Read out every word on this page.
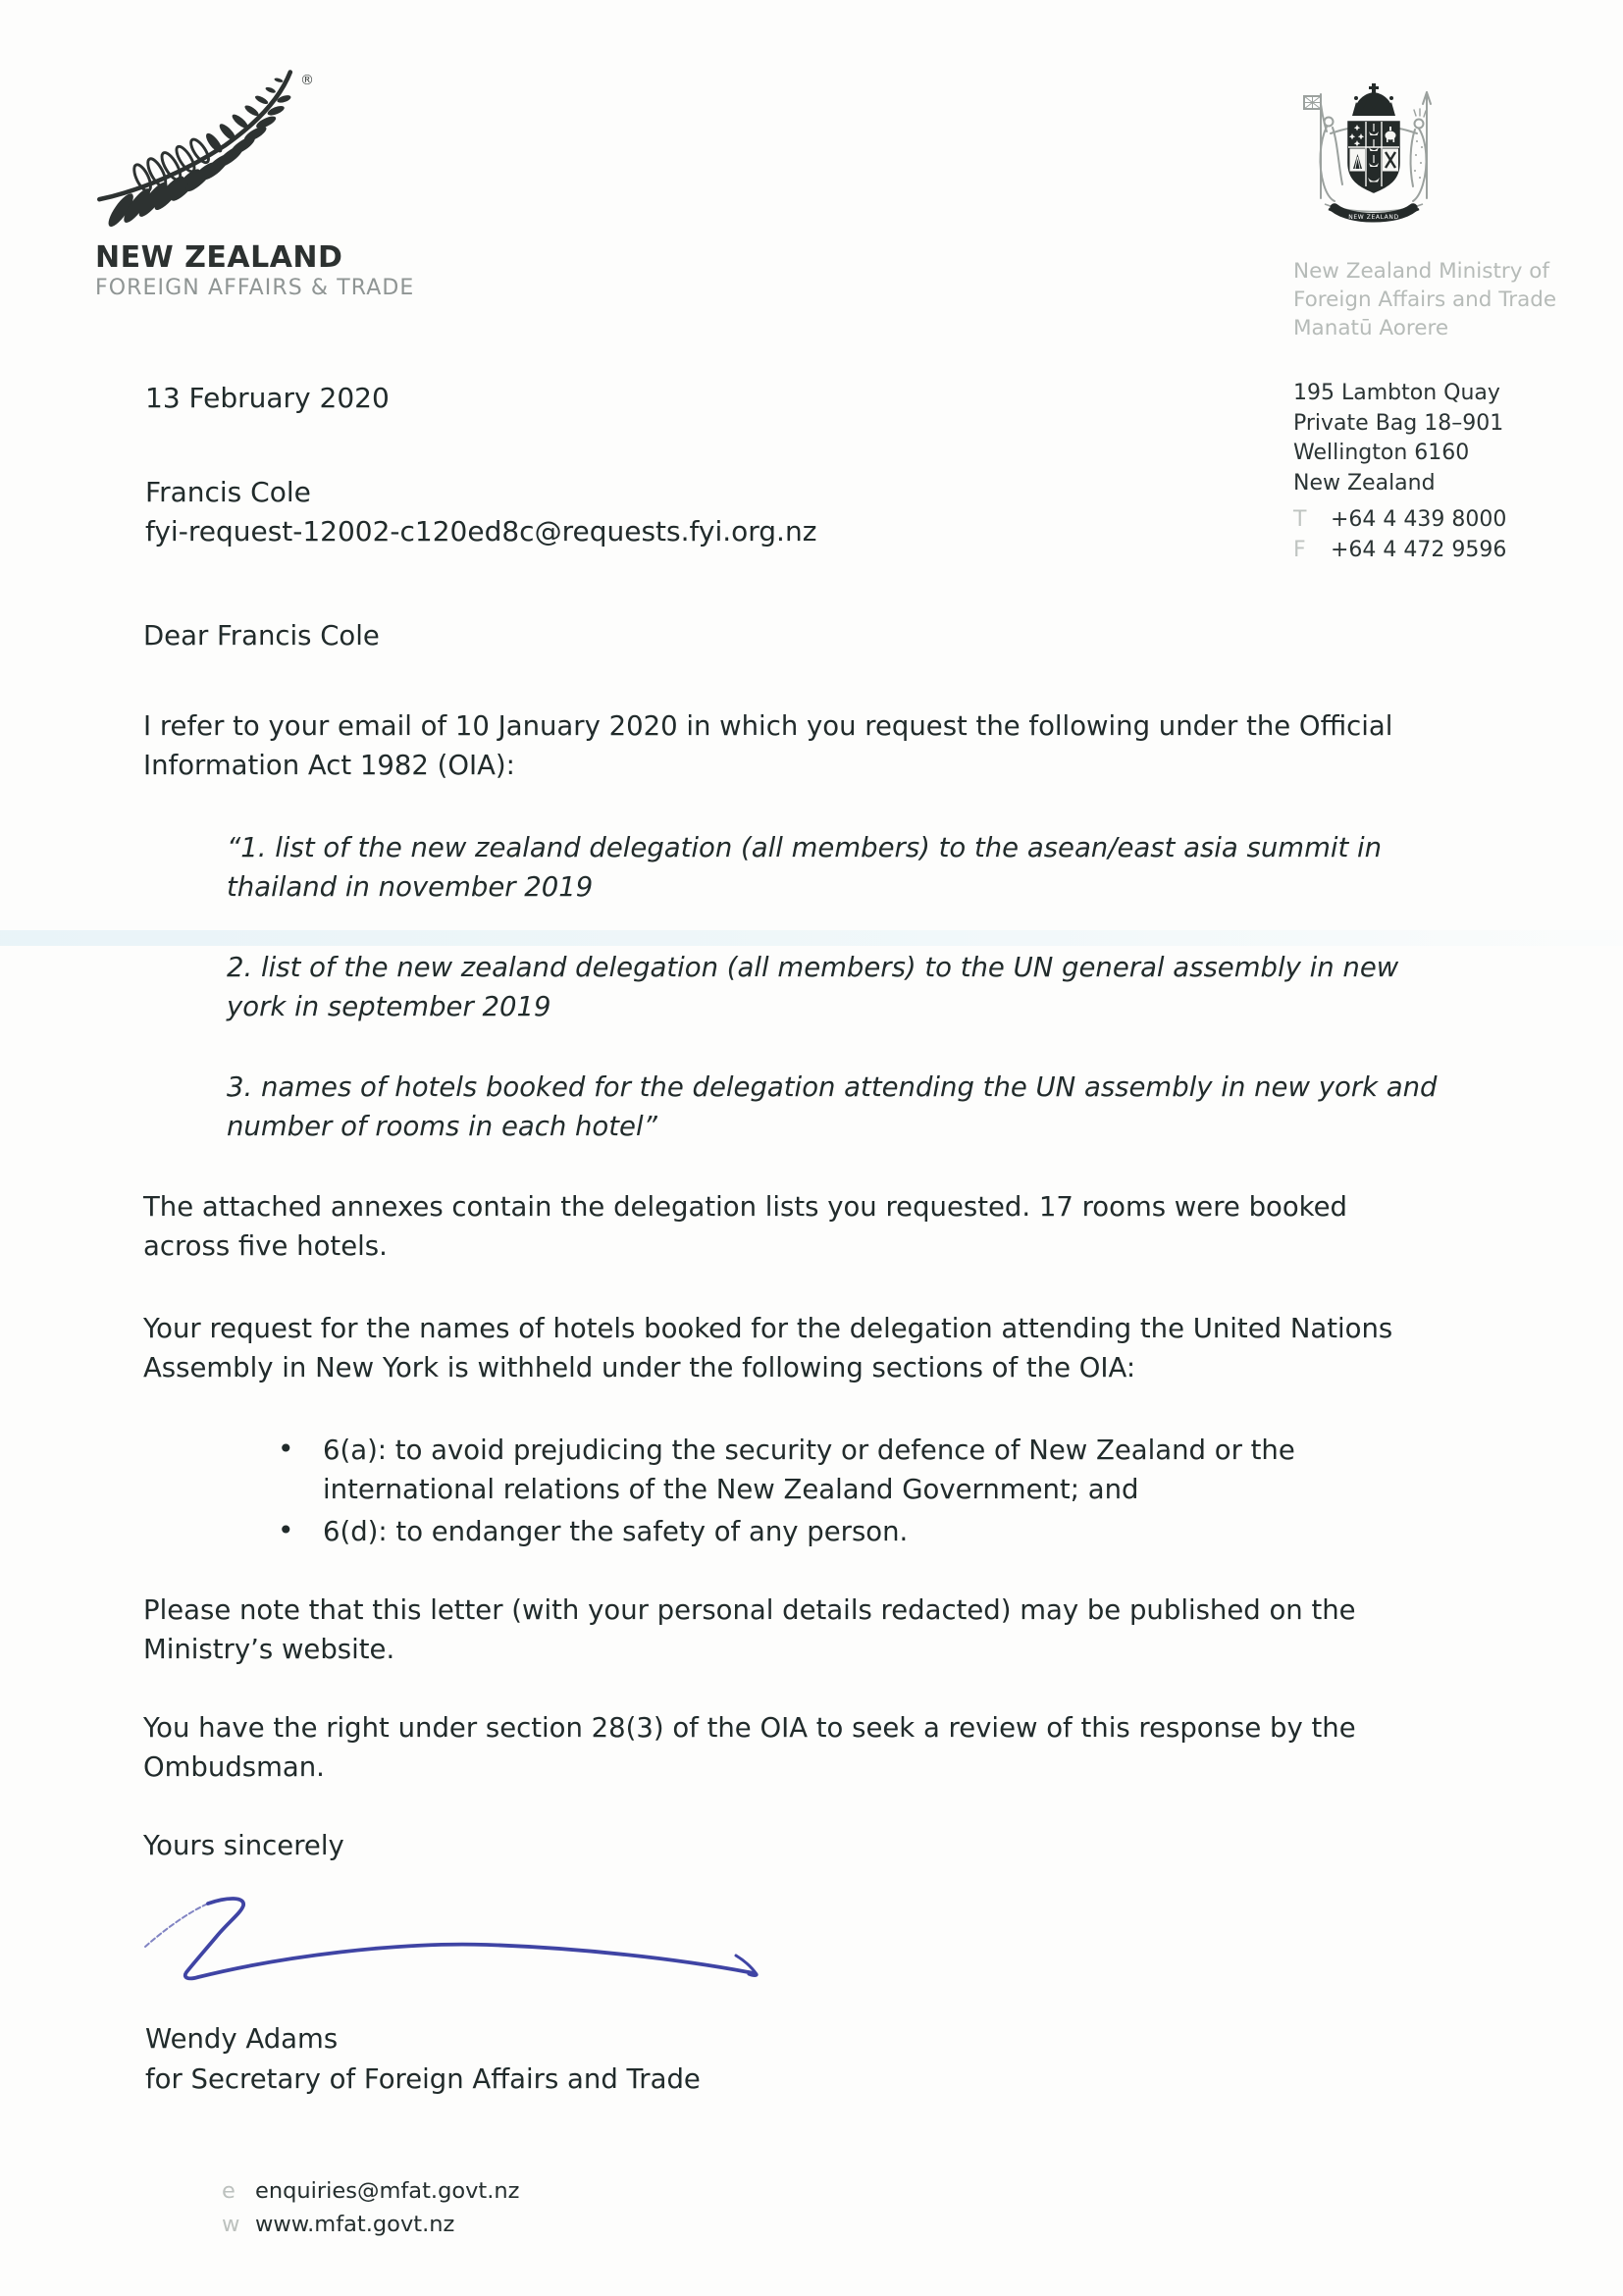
®
NEW ZEALAND
FOREIGN AFFAIRS & TRADE
NEW ZEALAND
New Zealand Ministry of
Foreign Affairs and Trade
Manatū Aorere
13 February 2020	195 Lambton Quay
Private Bag 18–901
Wellington 6160
New Zealand
T +64 4 439 8000
F +64 4 472 9596
Francis Cole
fyi-request-12002-c120ed8c@requests.fyi.org.nz
Dear Francis Cole

I refer to your email of 10 January 2020 in which you request the following under the Official Information Act 1982 (OIA):

“1. list of the new zealand delegation (all members) to the asean/east asia summit in thailand in november 2019
2. list of the new zealand delegation (all members) to the UN general assembly in new york in september 2019
3. names of hotels booked for the delegation attending the UN assembly in new york and number of rooms in each hotel”

The attached annexes contain the delegation lists you requested. 17 rooms were booked across five hotels.

Your request for the names of hotels booked for the delegation attending the United Nations Assembly in New York is withheld under the following sections of the OIA:

• 6(a): to avoid prejudicing the security or defence of New Zealand or the international relations of the New Zealand Government; and
• 6(d): to endanger the safety of any person.

Please note that this letter (with your personal details redacted) may be published on the Ministry’s website.

You have the right under section 28(3) of the OIA to seek a review of this response by the Ombudsman.

Yours sincerely
Wendy Adams
for Secretary of Foreign Affairs and Trade
e enquiries@mfat.govt.nz
w www.mfat.govt.nz
